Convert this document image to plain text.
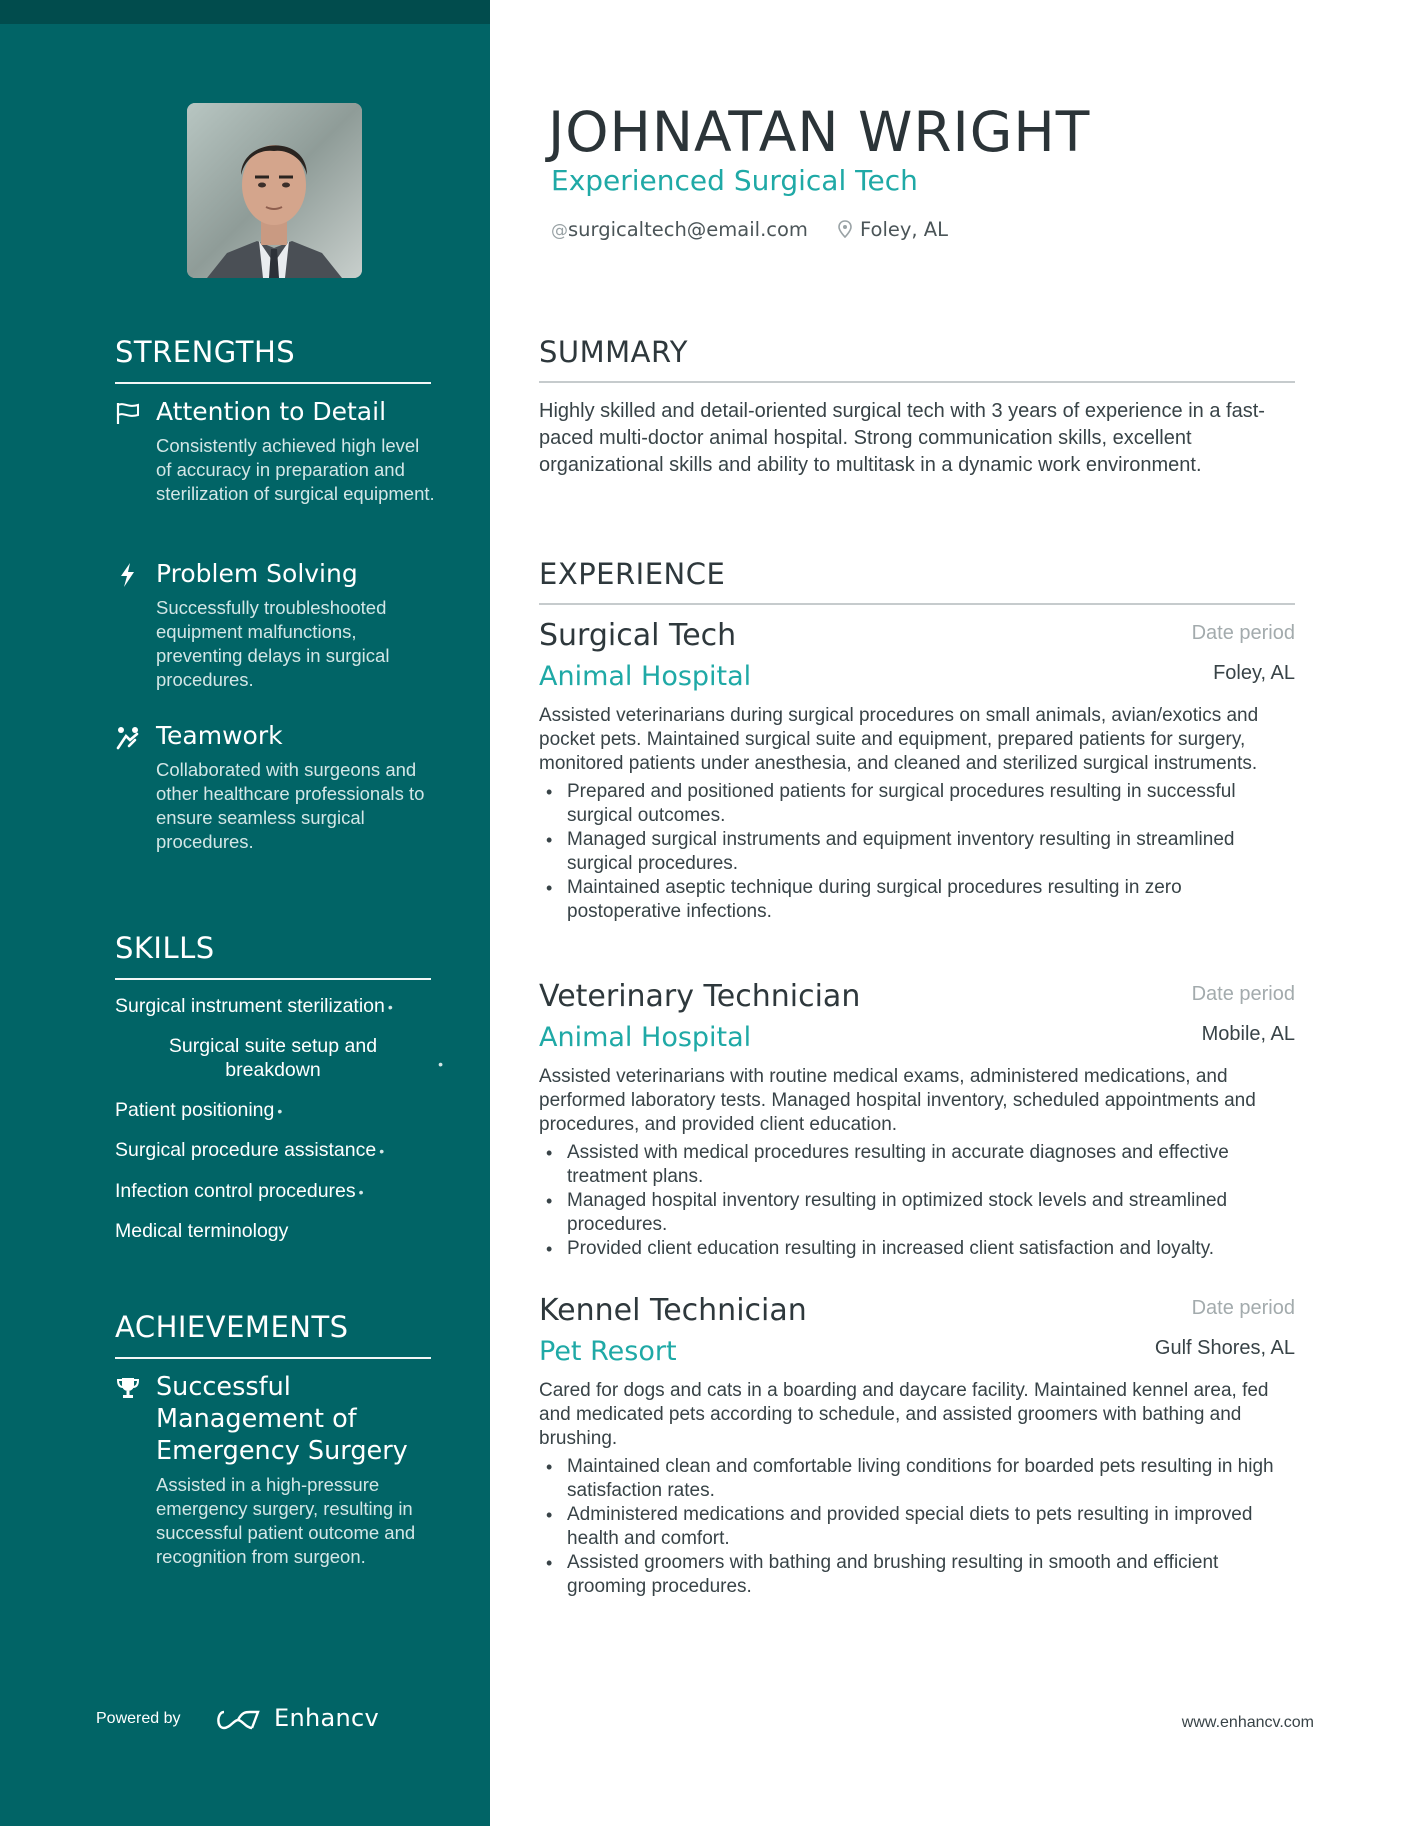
STRENGTHS
Attention to Detail
Consistently achieved high level of accuracy in preparation and sterilization of surgical equipment.
Problem Solving
Successfully troubleshooted equipment malfunctions, preventing delays in surgical procedures.
Teamwork
Collaborated with surgeons and other healthcare professionals to ensure seamless surgical procedures.
SKILLS
Surgical instrument sterilization •
Surgical suite setup and breakdown	•
Patient positioning •
Surgical procedure assistance •
Infection control procedures •
Medical terminology
ACHIEVEMENTS
Successful Management of Emergency Surgery
Assisted in a high-pressure emergency surgery, resulting in successful patient outcome and recognition from surgeon.
Powered by	Enhancv
JOHNATAN WRIGHT
Experienced Surgical Tech
@surgicaltech@email.com	Foley, AL
SUMMARY
Highly skilled and detail-oriented surgical tech with 3 years of experience in a fast-paced multi-doctor animal hospital. Strong communication skills, excellent organizational skills and ability to multitask in a dynamic work environment.
EXPERIENCE
Surgical Tech	Date period
Animal Hospital	Foley, AL
Assisted veterinarians during surgical procedures on small animals, avian/exotics and pocket pets. Maintained surgical suite and equipment, prepared patients for surgery, monitored patients under anesthesia, and cleaned and sterilized surgical instruments.
• Prepared and positioned patients for surgical procedures resulting in successful surgical outcomes.
• Managed surgical instruments and equipment inventory resulting in streamlined surgical procedures.
• Maintained aseptic technique during surgical procedures resulting in zero postoperative infections.
Veterinary Technician	Date period
Animal Hospital	Mobile, AL
Assisted veterinarians with routine medical exams, administered medications, and performed laboratory tests. Managed hospital inventory, scheduled appointments and procedures, and provided client education.
• Assisted with medical procedures resulting in accurate diagnoses and effective treatment plans.
• Managed hospital inventory resulting in optimized stock levels and streamlined procedures.
• Provided client education resulting in increased client satisfaction and loyalty.
Kennel Technician	Date period
Pet Resort	Gulf Shores, AL
Cared for dogs and cats in a boarding and daycare facility. Maintained kennel area, fed and medicated pets according to schedule, and assisted groomers with bathing and brushing.
• Maintained clean and comfortable living conditions for boarded pets resulting in high satisfaction rates.
• Administered medications and provided special diets to pets resulting in improved health and comfort.
• Assisted groomers with bathing and brushing resulting in smooth and efficient grooming procedures.
www.enhancv.com
